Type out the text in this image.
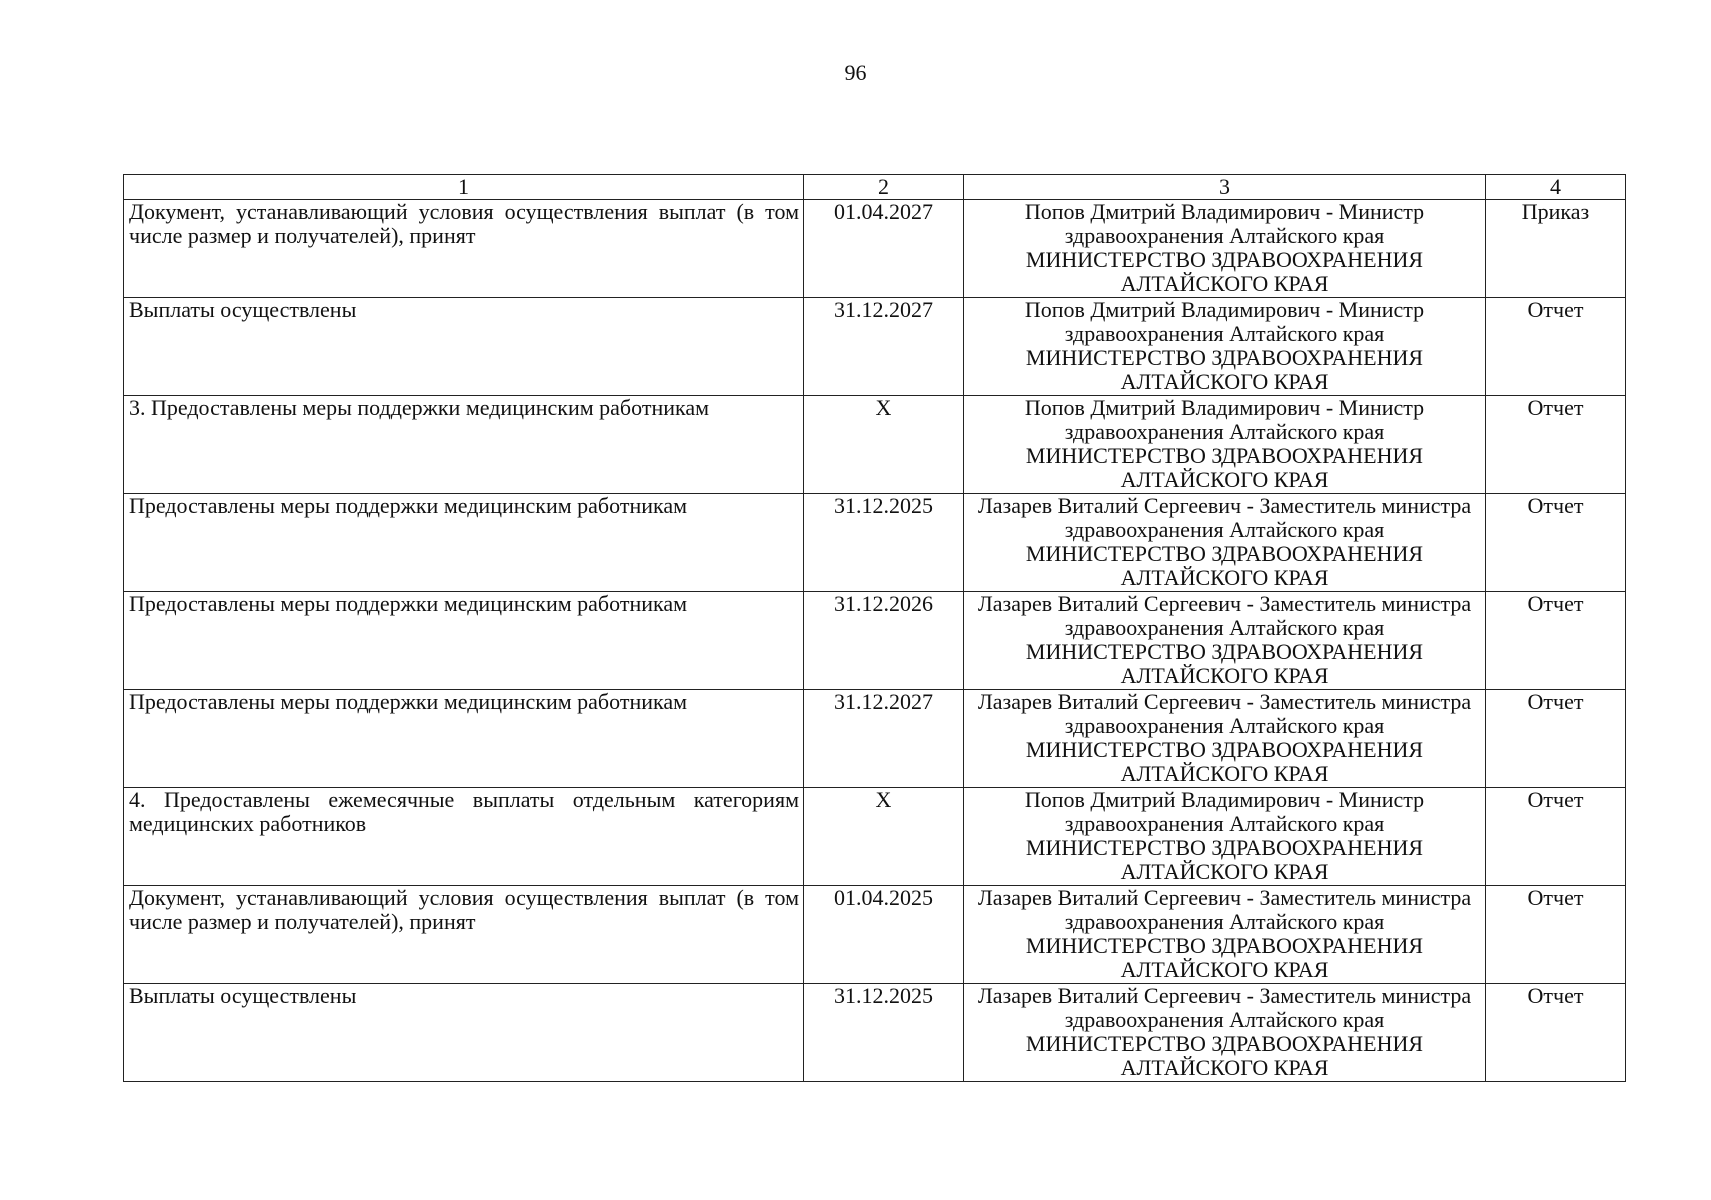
96
1	2	3	4
Документ, устанавливающий условия осуществления выплат (в том числе размер и получателей), принят	01.04.2027	Попов Дмитрий Владимирович - Министр здравоохранения Алтайского края
МИНИСТЕРСТВО ЗДРАВООХРАНЕНИЯ АЛТАЙСКОГО КРАЯ	Приказ
Выплаты осуществлены	31.12.2027	Попов Дмитрий Владимирович - Министр здравоохранения Алтайского края
МИНИСТЕРСТВО ЗДРАВООХРАНЕНИЯ АЛТАЙСКОГО КРАЯ	Отчет
3. Предоставлены меры поддержки медицинским работникам	X	Попов Дмитрий Владимирович - Министр здравоохранения Алтайского края
МИНИСТЕРСТВО ЗДРАВООХРАНЕНИЯ АЛТАЙСКОГО КРАЯ	Отчет
Предоставлены меры поддержки медицинским работникам	31.12.2025	Лазарев Виталий Сергеевич - Заместитель министра здравоохранения Алтайского края
МИНИСТЕРСТВО ЗДРАВООХРАНЕНИЯ АЛТАЙСКОГО КРАЯ	Отчет
Предоставлены меры поддержки медицинским работникам	31.12.2026	Лазарев Виталий Сергеевич - Заместитель министра здравоохранения Алтайского края
МИНИСТЕРСТВО ЗДРАВООХРАНЕНИЯ АЛТАЙСКОГО КРАЯ	Отчет
Предоставлены меры поддержки медицинским работникам	31.12.2027	Лазарев Виталий Сергеевич - Заместитель министра здравоохранения Алтайского края
МИНИСТЕРСТВО ЗДРАВООХРАНЕНИЯ АЛТАЙСКОГО КРАЯ	Отчет
4. Предоставлены ежемесячные выплаты отдельным категориям медицинских работников	X	Попов Дмитрий Владимирович - Министр здравоохранения Алтайского края
МИНИСТЕРСТВО ЗДРАВООХРАНЕНИЯ АЛТАЙСКОГО КРАЯ	Отчет
Документ, устанавливающий условия осуществления выплат (в том числе размер и получателей), принят	01.04.2025	Лазарев Виталий Сергеевич - Заместитель министра здравоохранения Алтайского края
МИНИСТЕРСТВО ЗДРАВООХРАНЕНИЯ АЛТАЙСКОГО КРАЯ	Отчет
Выплаты осуществлены	31.12.2025	Лазарев Виталий Сергеевич - Заместитель министра здравоохранения Алтайского края
МИНИСТЕРСТВО ЗДРАВООХРАНЕНИЯ АЛТАЙСКОГО КРАЯ	Отчет
